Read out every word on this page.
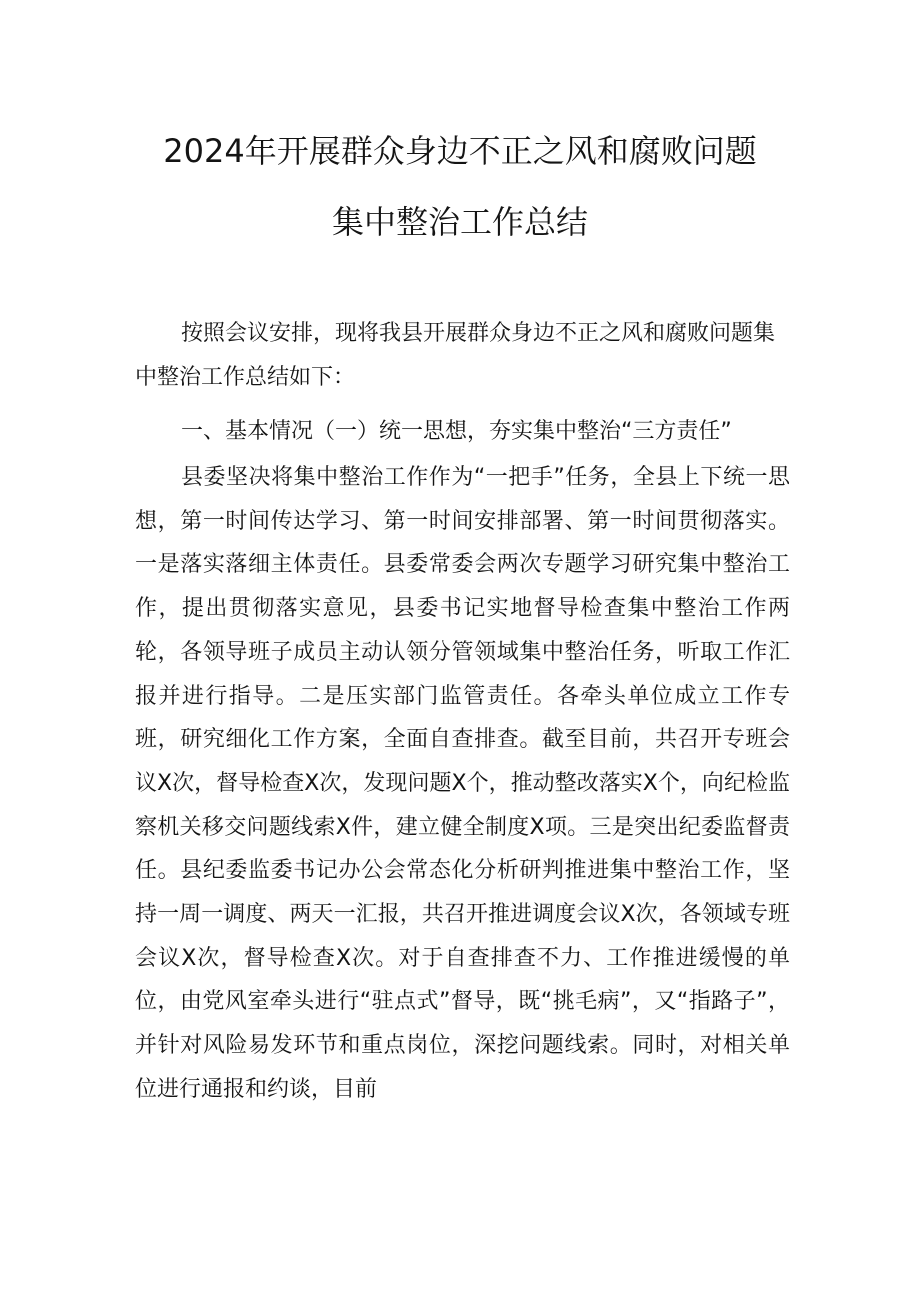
2024年开展群众身边不正之风和腐败问题
集中整治工作总结

按照会议安排，现将我县开展群众身边不正之风和腐败问题集中整治工作总结如下：

一、基本情况（一）统一思想，夯实集中整治“三方责任”

县委坚决将集中整治工作作为“一把手”任务，全县上下统一思想，第一时间传达学习、第一时间安排部署、第一时间贯彻落实。一是落实落细主体责任。县委常委会两次专题学习研究集中整治工作，提出贯彻落实意见，县委书记实地督导检查集中整治工作两轮，各领导班子成员主动认领分管领域集中整治任务，听取工作汇报并进行指导。二是压实部门监管责任。各牵头单位成立工作专班，研究细化工作方案，全面自查排查。截至目前，共召开专班会议X次，督导检查X次，发现问题X个，推动整改落实X个，向纪检监察机关移交问题线索X件，建立健全制度X项。三是突出纪委监督责任。县纪委监委书记办公会常态化分析研判推进集中整治工作，坚持一周一调度、两天一汇报，共召开推进调度会议X次，各领域专班会议X次，督导检查X次。对于自查排查不力、工作推进缓慢的单位，由党风室牵头进行“驻点式”督导，既“挑毛病”，又“指路子”，并针对风险易发环节和重点岗位，深挖问题线索。同时，对相关单位进行通报和约谈，目前
